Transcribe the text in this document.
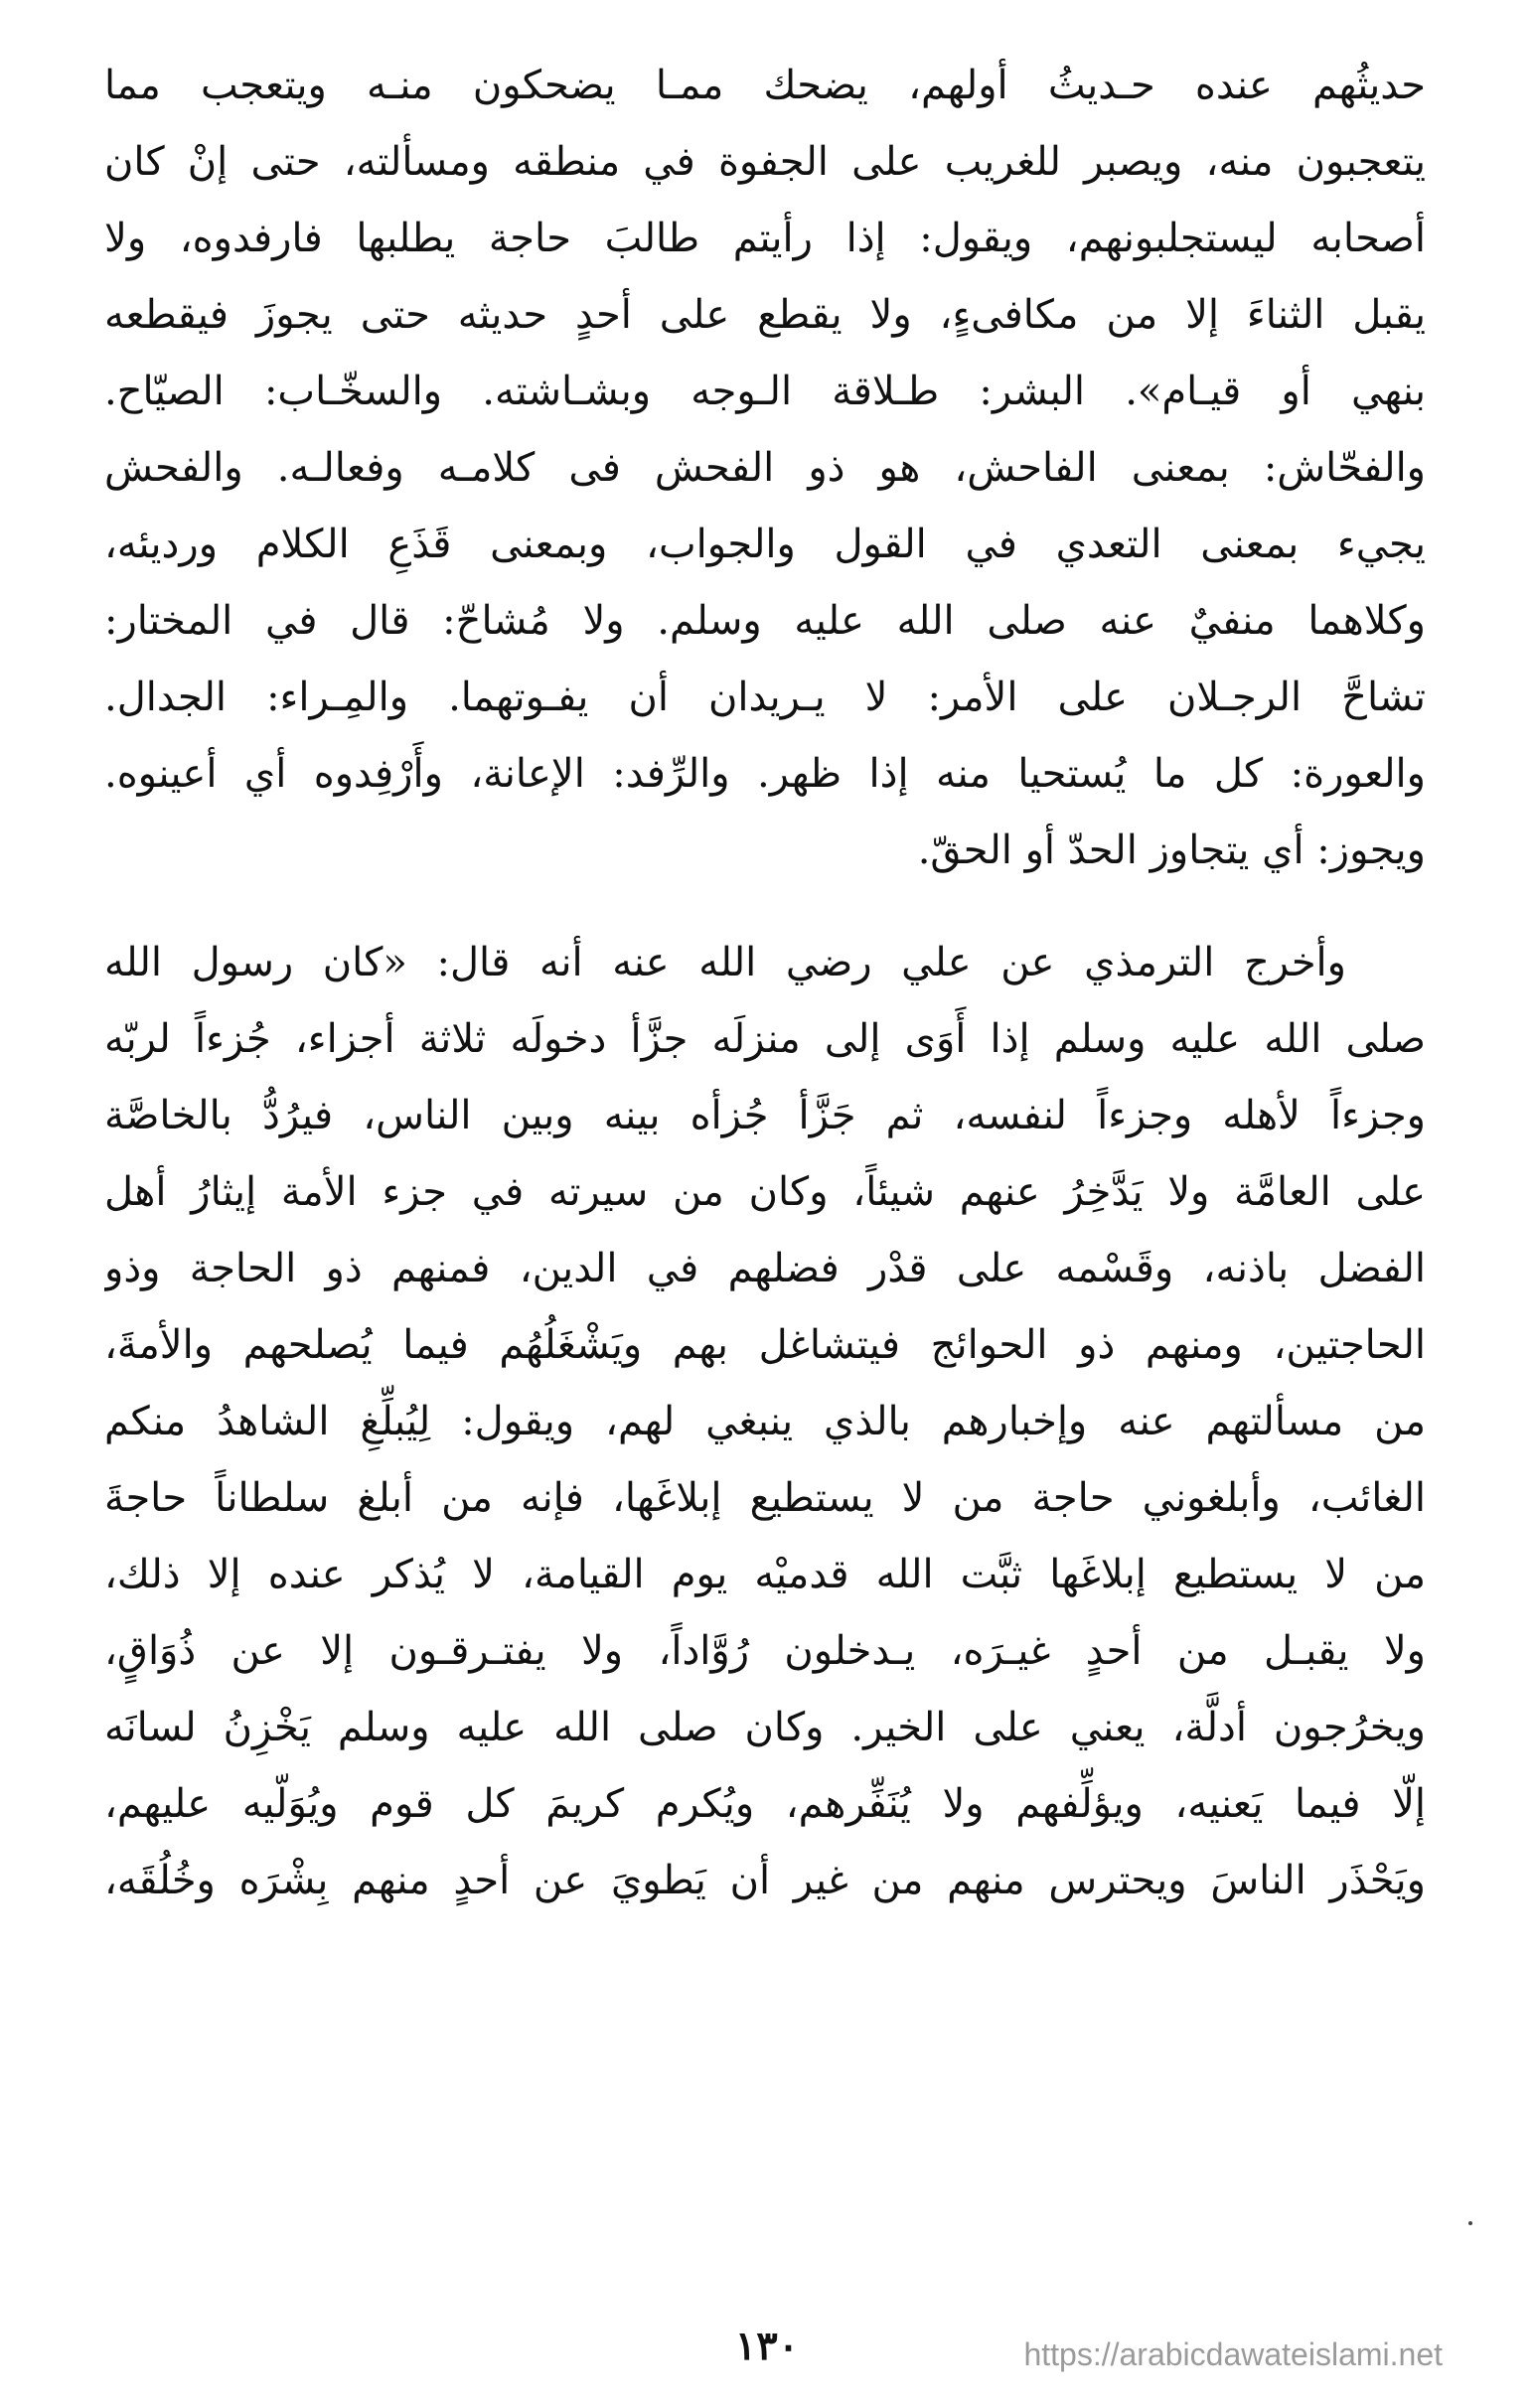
حديثُهم عنده حـديثُ أولهم، يضحك ممـا يضحكون منـه ويتعجب مما
يتعجبون منه، ويصبر للغريب على الجفوة في منطقه ومسألته، حتى إنْ كان
أصحابه ليستجلبونهم، ويقول: إذا رأيتم طالبَ حاجة يطلبها فارفدوه، ولا
يقبل الثناءَ إلا من مكافىءٍ، ولا يقطع على أحدٍ حديثه حتى يجوزَ فيقطعه
بنهي أو قيـام». البشر: طـلاقة الـوجه وبشـاشته. والسخّـاب: الصيّاح.
والفحّاش: بمعنى الفاحش، هو ذو الفحش فى كلامـه وفعالـه. والفحش
يجيء بمعنى التعدي في القول والجواب، وبمعنى قَذَعِ الكلام ورديئه،
وكلاهما منفيٌ عنه صلى الله عليه وسلم. ولا مُشاحّ: قال في المختار:
تشاحَّ الرجـلان على الأمر: لا يـريدان أن يفـوتهما. والمِـراء: الجدال.
والعورة: كل ما يُستحيا منه إذا ظهر. والرِّفد: الإعانة، وأَرْفِدوه أي أعينوه.
ويجوز: أي يتجاوز الحدّ أو الحقّ.

وأخرج الترمذي عن علي رضي الله عنه أنه قال: «كان رسول الله
صلى الله عليه وسلم إذا أَوَى إلى منزلَه جزَّأ دخولَه ثلاثة أجزاء، جُزءاً لربّه
وجزءاً لأهله وجزءاً لنفسه، ثم جَزَّأ جُزأه بينه وبين الناس، فيرُدُّ بالخاصَّة
على العامَّة ولا يَدَّخِرُ عنهم شيئاً، وكان من سيرته في جزء الأمة إيثارُ أهل
الفضل باذنه، وقَسْمه على قدْر فضلهم في الدين، فمنهم ذو الحاجة وذو
الحاجتين، ومنهم ذو الحوائج فيتشاغل بهم ويَشْغَلُهُم فيما يُصلحهم والأمةَ،
من مسألتهم عنه وإخبارهم بالذي ينبغي لهم، ويقول: لِيُبلِّغِ الشاهدُ منكم
الغائب، وأبلغوني حاجة من لا يستطيع إبلاغَها، فإنه من أبلغ سلطاناً حاجةَ
من لا يستطيع إبلاغَها ثبَّت الله قدميْه يوم القيامة، لا يُذكر عنده إلا ذلك،
ولا يقبـل من أحدٍ غيـرَه، يـدخلون رُوَّاداً، ولا يفتـرقـون إلا عن ذُوَاقٍ،
ويخرُجون أدلَّة، يعني على الخير. وكان صلى الله عليه وسلم يَخْزِنُ لسانَه
إلّا فيما يَعنيه، ويؤلِّفهم ولا يُنَفِّرهم، ويُكرم كريمَ كل قوم ويُوَلّيه عليهم،
ويَحْذَر الناسَ ويحترس منهم من غير أن يَطويَ عن أحدٍ منهم بِشْرَه وخُلُقَه،

١٣٠	https://arabicdawateislami.net
